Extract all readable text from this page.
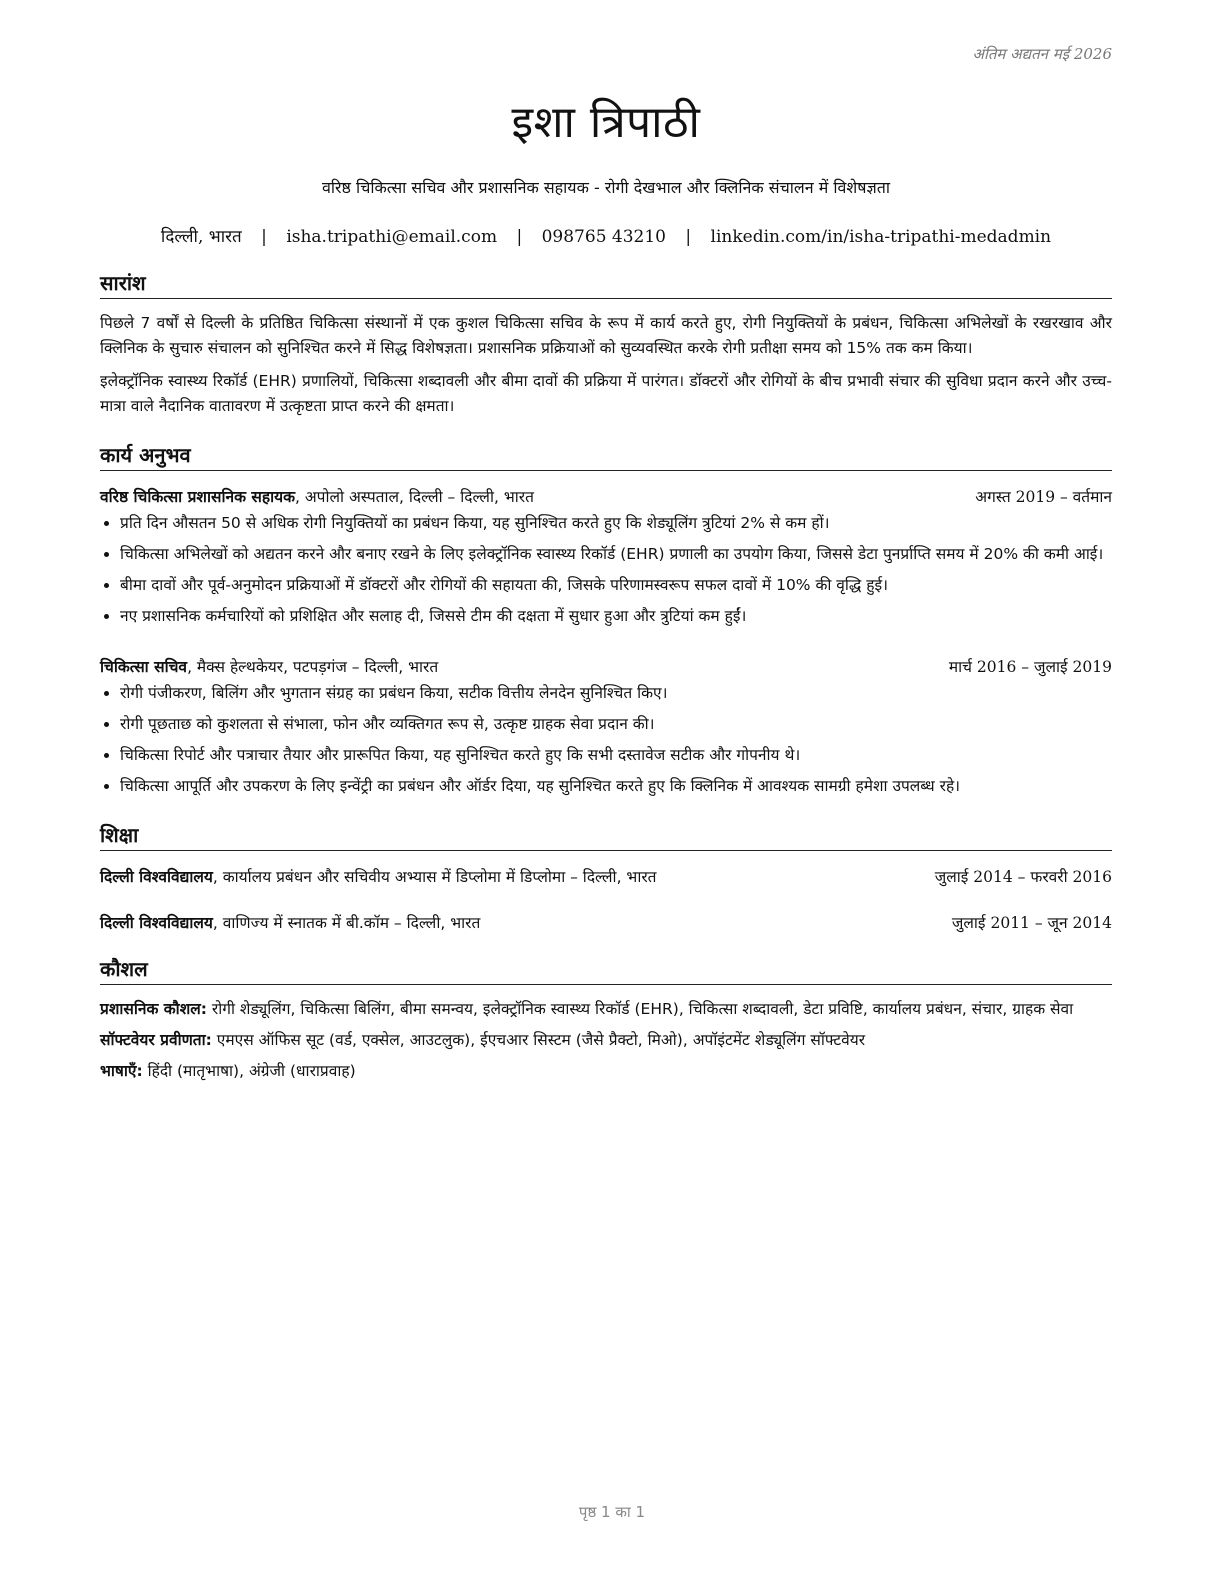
अंतिम अद्यतन मई 2026
इशा त्रिपाठी
वरिष्ठ चिकित्सा सचिव और प्रशासनिक सहायक - रोगी देखभाल और क्लिनिक संचालन में विशेषज्ञता
दिल्ली, भारत | isha.tripathi@email.com | 098765 43210 | linkedin.com/in/isha-tripathi-medadmin
सारांश
पिछले 7 वर्षों से दिल्ली के प्रतिष्ठित चिकित्सा संस्थानों में एक कुशल चिकित्सा सचिव के रूप में कार्य करते हुए, रोगी नियुक्तियों के प्रबंधन, चिकित्सा अभिलेखों के रखरखाव और क्लिनिक के सुचारु संचालन को सुनिश्चित करने में सिद्ध विशेषज्ञता। प्रशासनिक प्रक्रियाओं को सुव्यवस्थित करके रोगी प्रतीक्षा समय को 15% तक कम किया।
इलेक्ट्रॉनिक स्वास्थ्य रिकॉर्ड (EHR) प्रणालियों, चिकित्सा शब्दावली और बीमा दावों की प्रक्रिया में पारंगत। डॉक्टरों और रोगियों के बीच प्रभावी संचार की सुविधा प्रदान करने और उच्च-मात्रा वाले नैदानिक वातावरण में उत्कृष्टता प्राप्त करने की क्षमता।
कार्य अनुभव
वरिष्ठ चिकित्सा प्रशासनिक सहायक, अपोलो अस्पताल, दिल्ली – दिल्ली, भारत	अगस्त 2019 – वर्तमान
• प्रति दिन औसतन 50 से अधिक रोगी नियुक्तियों का प्रबंधन किया, यह सुनिश्चित करते हुए कि शेड्यूलिंग त्रुटियां 2% से कम हों।
• चिकित्सा अभिलेखों को अद्यतन करने और बनाए रखने के लिए इलेक्ट्रॉनिक स्वास्थ्य रिकॉर्ड (EHR) प्रणाली का उपयोग किया, जिससे डेटा पुनर्प्राप्ति समय में 20% की कमी आई।
• बीमा दावों और पूर्व-अनुमोदन प्रक्रियाओं में डॉक्टरों और रोगियों की सहायता की, जिसके परिणामस्वरूप सफल दावों में 10% की वृद्धि हुई।
• नए प्रशासनिक कर्मचारियों को प्रशिक्षित और सलाह दी, जिससे टीम की दक्षता में सुधार हुआ और त्रुटियां कम हुईं।
चिकित्सा सचिव, मैक्स हेल्थकेयर, पटपड़गंज – दिल्ली, भारत	मार्च 2016 – जुलाई 2019
• रोगी पंजीकरण, बिलिंग और भुगतान संग्रह का प्रबंधन किया, सटीक वित्तीय लेनदेन सुनिश्चित किए।
• रोगी पूछताछ को कुशलता से संभाला, फोन और व्यक्तिगत रूप से, उत्कृष्ट ग्राहक सेवा प्रदान की।
• चिकित्सा रिपोर्ट और पत्राचार तैयार और प्रारूपित किया, यह सुनिश्चित करते हुए कि सभी दस्तावेज सटीक और गोपनीय थे।
• चिकित्सा आपूर्ति और उपकरण के लिए इन्वेंट्री का प्रबंधन और ऑर्डर दिया, यह सुनिश्चित करते हुए कि क्लिनिक में आवश्यक सामग्री हमेशा उपलब्ध रहे।
शिक्षा
दिल्ली विश्वविद्यालय, कार्यालय प्रबंधन और सचिवीय अभ्यास में डिप्लोमा में डिप्लोमा – दिल्ली, भारत	जुलाई 2014 – फरवरी 2016
दिल्ली विश्वविद्यालय, वाणिज्य में स्नातक में बी.कॉम – दिल्ली, भारत	जुलाई 2011 – जून 2014
कौशल
प्रशासनिक कौशल: रोगी शेड्यूलिंग, चिकित्सा बिलिंग, बीमा समन्वय, इलेक्ट्रॉनिक स्वास्थ्य रिकॉर्ड (EHR), चिकित्सा शब्दावली, डेटा प्रविष्टि, कार्यालय प्रबंधन, संचार, ग्राहक सेवा
सॉफ्टवेयर प्रवीणता: एमएस ऑफिस सूट (वर्ड, एक्सेल, आउटलुक), ईएचआर सिस्टम (जैसे प्रैक्टो, मिओ), अपॉइंटमेंट शेड्यूलिंग सॉफ्टवेयर
भाषाएँ: हिंदी (मातृभाषा), अंग्रेजी (धाराप्रवाह)
पृष्ठ 1 का 1
